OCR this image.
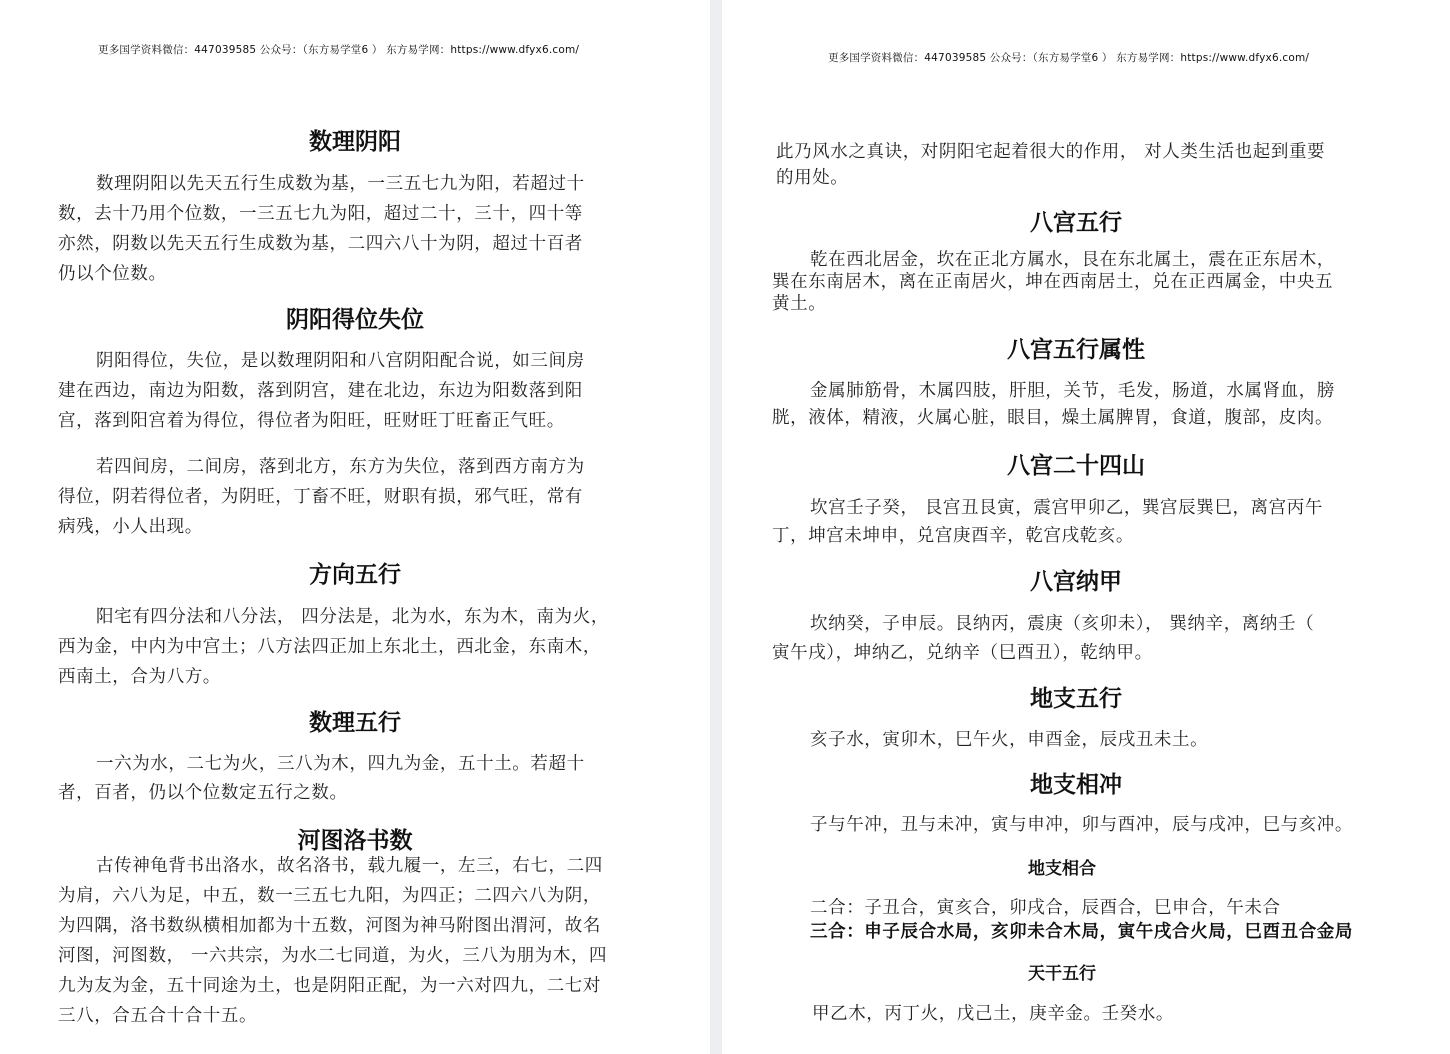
更多国学资料微信：447039585 公众号：（东方易学堂6 ） 东方易学网：https://www.dfyx6.com/
数理阴阳
数理阴阳以先天五行生成数为基，一三五七九为阳，若超过十
数，去十乃用个位数，一三五七九为阳，超过二十，三十，四十等
亦然，阴数以先天五行生成数为基，二四六八十为阴，超过十百者
仍以个位数。
阴阳得位失位
阴阳得位，失位，是以数理阴阳和八宫阴阳配合说，如三间房
建在西边，南边为阳数，落到阴宫，建在北边，东边为阳数落到阳
宫，落到阳宫着为得位，得位者为阳旺，旺财旺丁旺畜正气旺。
若四间房，二间房，落到北方，东方为失位，落到西方南方为
得位，阴若得位者，为阴旺，丁畜不旺，财职有损，邪气旺，常有
病残，小人出现。
方向五行
阳宅有四分法和八分法， 四分法是，北为水，东为木，南为火，
西为金，中内为中宫土；八方法四正加上东北土，西北金，东南木，
西南土，合为八方。
数理五行
一六为水，二七为火，三八为木，四九为金，五十土。若超十
者，百者，仍以个位数定五行之数。
河图洛书数
古传神龟背书出洛水，故名洛书，载九履一，左三，右七，二四
为肩，六八为足，中五，数一三五七九阳，为四正；二四六八为阴，
为四隅，洛书数纵横相加都为十五数，河图为神马附图出渭河，故名
河图，河图数， 一六共宗，为水二七同道，为火，三八为朋为木，四
九为友为金，五十同途为土，也是阴阳正配，为一六对四九，二七对
三八，合五合十合十五。
更多国学资料微信：447039585 公众号：（东方易学堂6 ） 东方易学网：https://www.dfyx6.com/
此乃风水之真诀，对阴阳宅起着很大的作用， 对人类生活也起到重要
的用处。
八宫五行
乾在西北居金，坎在正北方属水，艮在东北属土，震在正东居木，
巽在东南居木，离在正南居火，坤在西南居土，兑在正西属金，中央五
黄土。
八宫五行属性
金属肺筋骨，木属四肢，肝胆，关节，毛发，肠道，水属肾血，膀
胱，液体，精液，火属心脏，眼目，燥土属脾胃，食道，腹部，皮肉。
八宫二十四山
坎宫壬子癸， 艮宫丑艮寅，震宫甲卯乙，巽宫辰巽巳，离宫丙午
丁，坤宫未坤申，兑宫庚酉辛，乾宫戌乾亥。
八宫纳甲
坎纳癸，子申辰。艮纳丙，震庚（亥卯未）， 巽纳辛，离纳壬（
寅午戌），坤纳乙，兑纳辛（巳酉丑），乾纳甲。
地支五行
亥子水，寅卯木，巳午火，申酉金，辰戌丑未土。
地支相冲
子与午冲，丑与未冲，寅与申冲，卯与酉冲，辰与戌冲，巳与亥冲。
地支相合
二合：子丑合，寅亥合，卯戌合，辰酉合，巳申合，午未合
三合：申子辰合水局，亥卯未合木局，寅午戌合火局，巳酉丑合金局
天干五行
甲乙木，丙丁火，戊己土，庚辛金。壬癸水。
